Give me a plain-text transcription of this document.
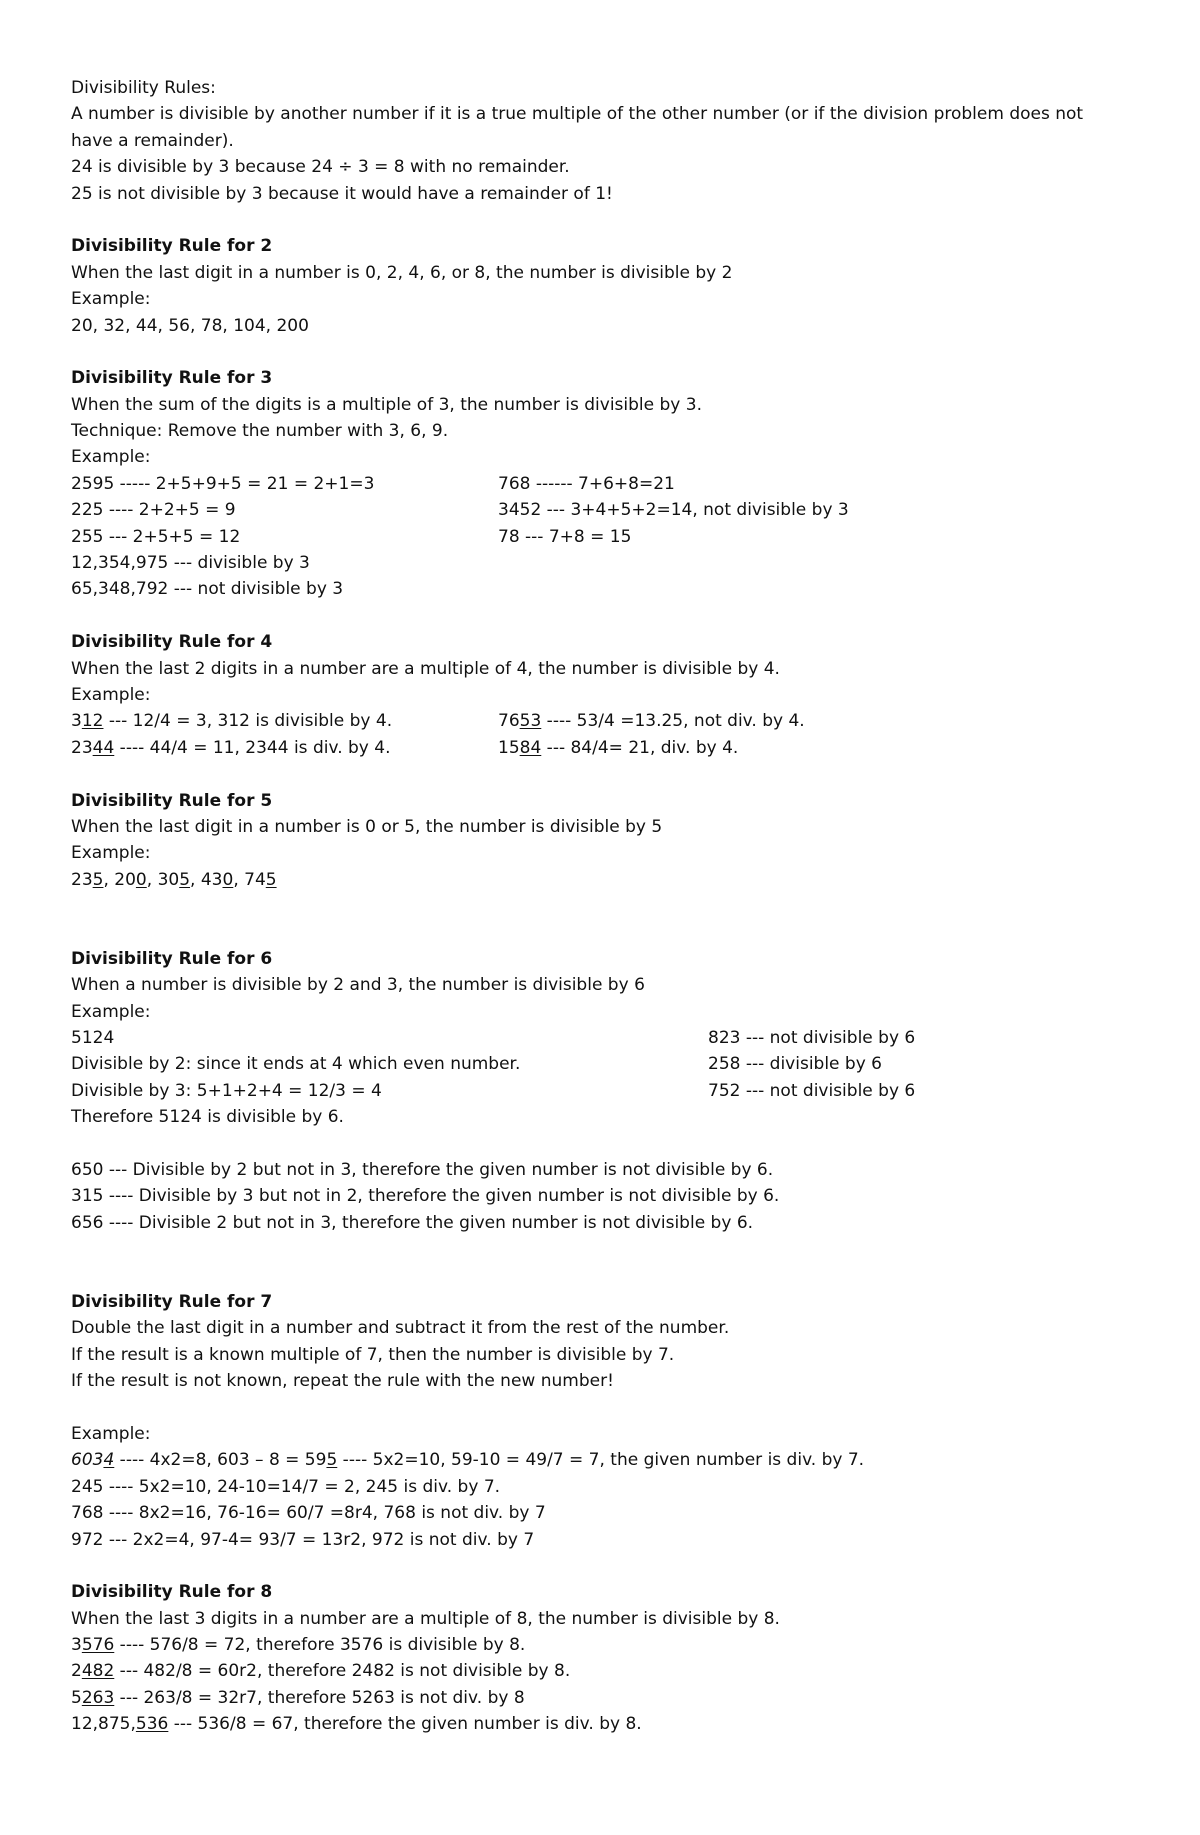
Divisibility Rules:
A number is divisible by another number if it is a true multiple of the other number (or if the division problem does not
have a remainder).
24 is divisible by 3 because 24 ÷ 3 = 8 with no remainder.
25 is not divisible by 3 because it would have a remainder of 1!
Divisibility Rule for 2
When the last digit in a number is 0, 2, 4, 6, or 8, the number is divisible by 2
Example:
20, 32, 44, 56, 78, 104, 200
Divisibility Rule for 3
When the sum of the digits is a multiple of 3, the number is divisible by 3.
Technique: Remove the number with 3, 6, 9.
Example:
2595 ----- 2+5+9+5 = 21 = 2+1=3	768 ------ 7+6+8=21
225 ---- 2+2+5 = 9	3452 --- 3+4+5+2=14, not divisible by 3
255 --- 2+5+5 = 12	78 --- 7+8 = 15
12,354,975 --- divisible by 3
65,348,792 --- not divisible by 3
Divisibility Rule for 4
When the last 2 digits in a number are a multiple of 4, the number is divisible by 4.
Example:
312 --- 12/4 = 3, 312 is divisible by 4.	7653 ---- 53/4 =13.25, not div. by 4.
2344 ---- 44/4 = 11, 2344 is div. by 4.	1584 --- 84/4= 21, div. by 4.
Divisibility Rule for 5
When the last digit in a number is 0 or 5, the number is divisible by 5
Example:
235, 200, 305, 430, 745
Divisibility Rule for 6
When a number is divisible by 2 and 3, the number is divisible by 6
Example:
5124	823 --- not divisible by 6
Divisible by 2: since it ends at 4 which even number.	258 --- divisible by 6
Divisible by 3: 5+1+2+4 = 12/3 = 4	752 --- not divisible by 6
Therefore 5124 is divisible by 6.
650 --- Divisible by 2 but not in 3, therefore the given number is not divisible by 6.
315 ---- Divisible by 3 but not in 2, therefore the given number is not divisible by 6.
656 ---- Divisible 2 but not in 3, therefore the given number is not divisible by 6.
Divisibility Rule for 7
Double the last digit in a number and subtract it from the rest of the number.
If the result is a known multiple of 7, then the number is divisible by 7.
If the result is not known, repeat the rule with the new number!
Example:
6034 ---- 4x2=8, 603 – 8 = 595 ---- 5x2=10, 59-10 = 49/7 = 7, the given number is div. by 7.
245 ---- 5x2=10, 24-10=14/7 = 2, 245 is div. by 7.
768 ---- 8x2=16, 76-16= 60/7 =8r4, 768 is not div. by 7
972 --- 2x2=4, 97-4= 93/7 = 13r2, 972 is not div. by 7
Divisibility Rule for 8
When the last 3 digits in a number are a multiple of 8, the number is divisible by 8.
3576 ---- 576/8 = 72, therefore 3576 is divisible by 8.
2482 --- 482/8 = 60r2, therefore 2482 is not divisible by 8.
5263 --- 263/8 = 32r7, therefore 5263 is not div. by 8
12,875,536 --- 536/8 = 67, therefore the given number is div. by 8.
